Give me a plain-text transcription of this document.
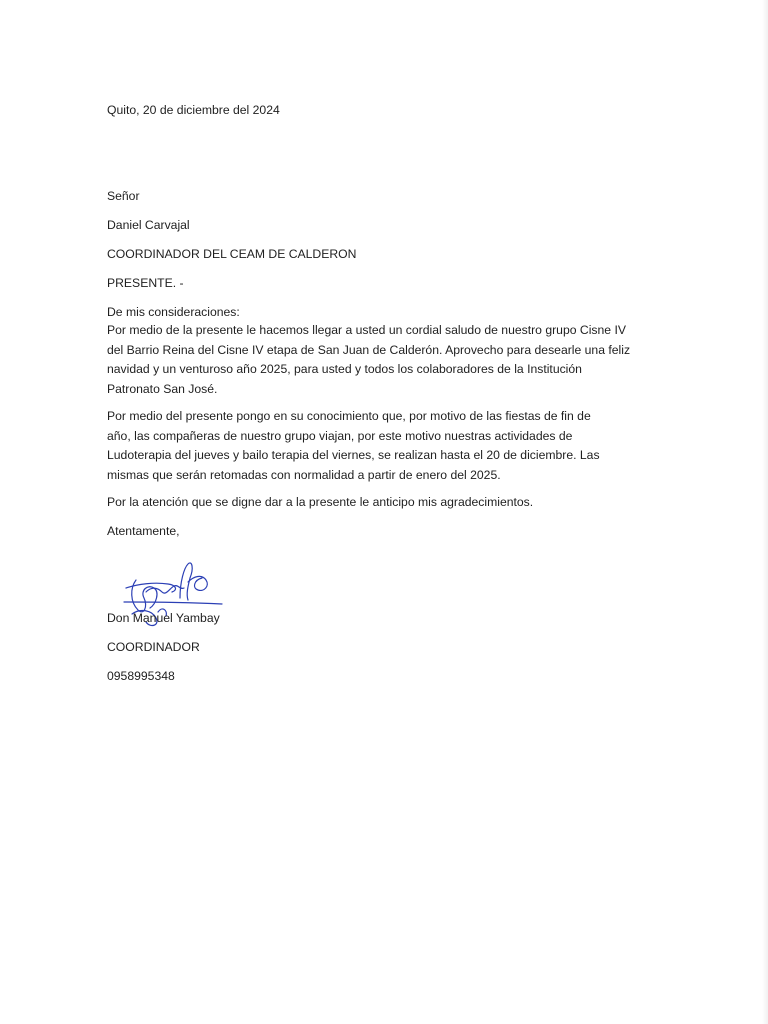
Quito, 20 de diciembre del 2024
Señor
Daniel Carvajal
COORDINADOR DEL CEAM DE CALDERON
PRESENTE. -
De mis consideraciones:
Por medio de la presente le hacemos llegar a usted un cordial saludo de nuestro grupo Cisne IV
del Barrio Reina del Cisne IV etapa de San Juan de Calderón. Aprovecho para desearle una feliz
navidad y un venturoso año 2025, para usted y todos los colaboradores de la Institución
Patronato San José.
Por medio del presente pongo en su conocimiento que, por motivo de las fiestas de fin de
año, las compañeras de nuestro grupo viajan, por este motivo nuestras actividades de
Ludoterapia del jueves y bailo terapia del viernes, se realizan hasta el 20 de diciembre. Las
mismas que serán retomadas con normalidad a partir de enero del 2025.
Por la atención que se digne dar a la presente le anticipo mis agradecimientos.
Atentamente,
Don Manuel Yambay
COORDINADOR
0958995348
